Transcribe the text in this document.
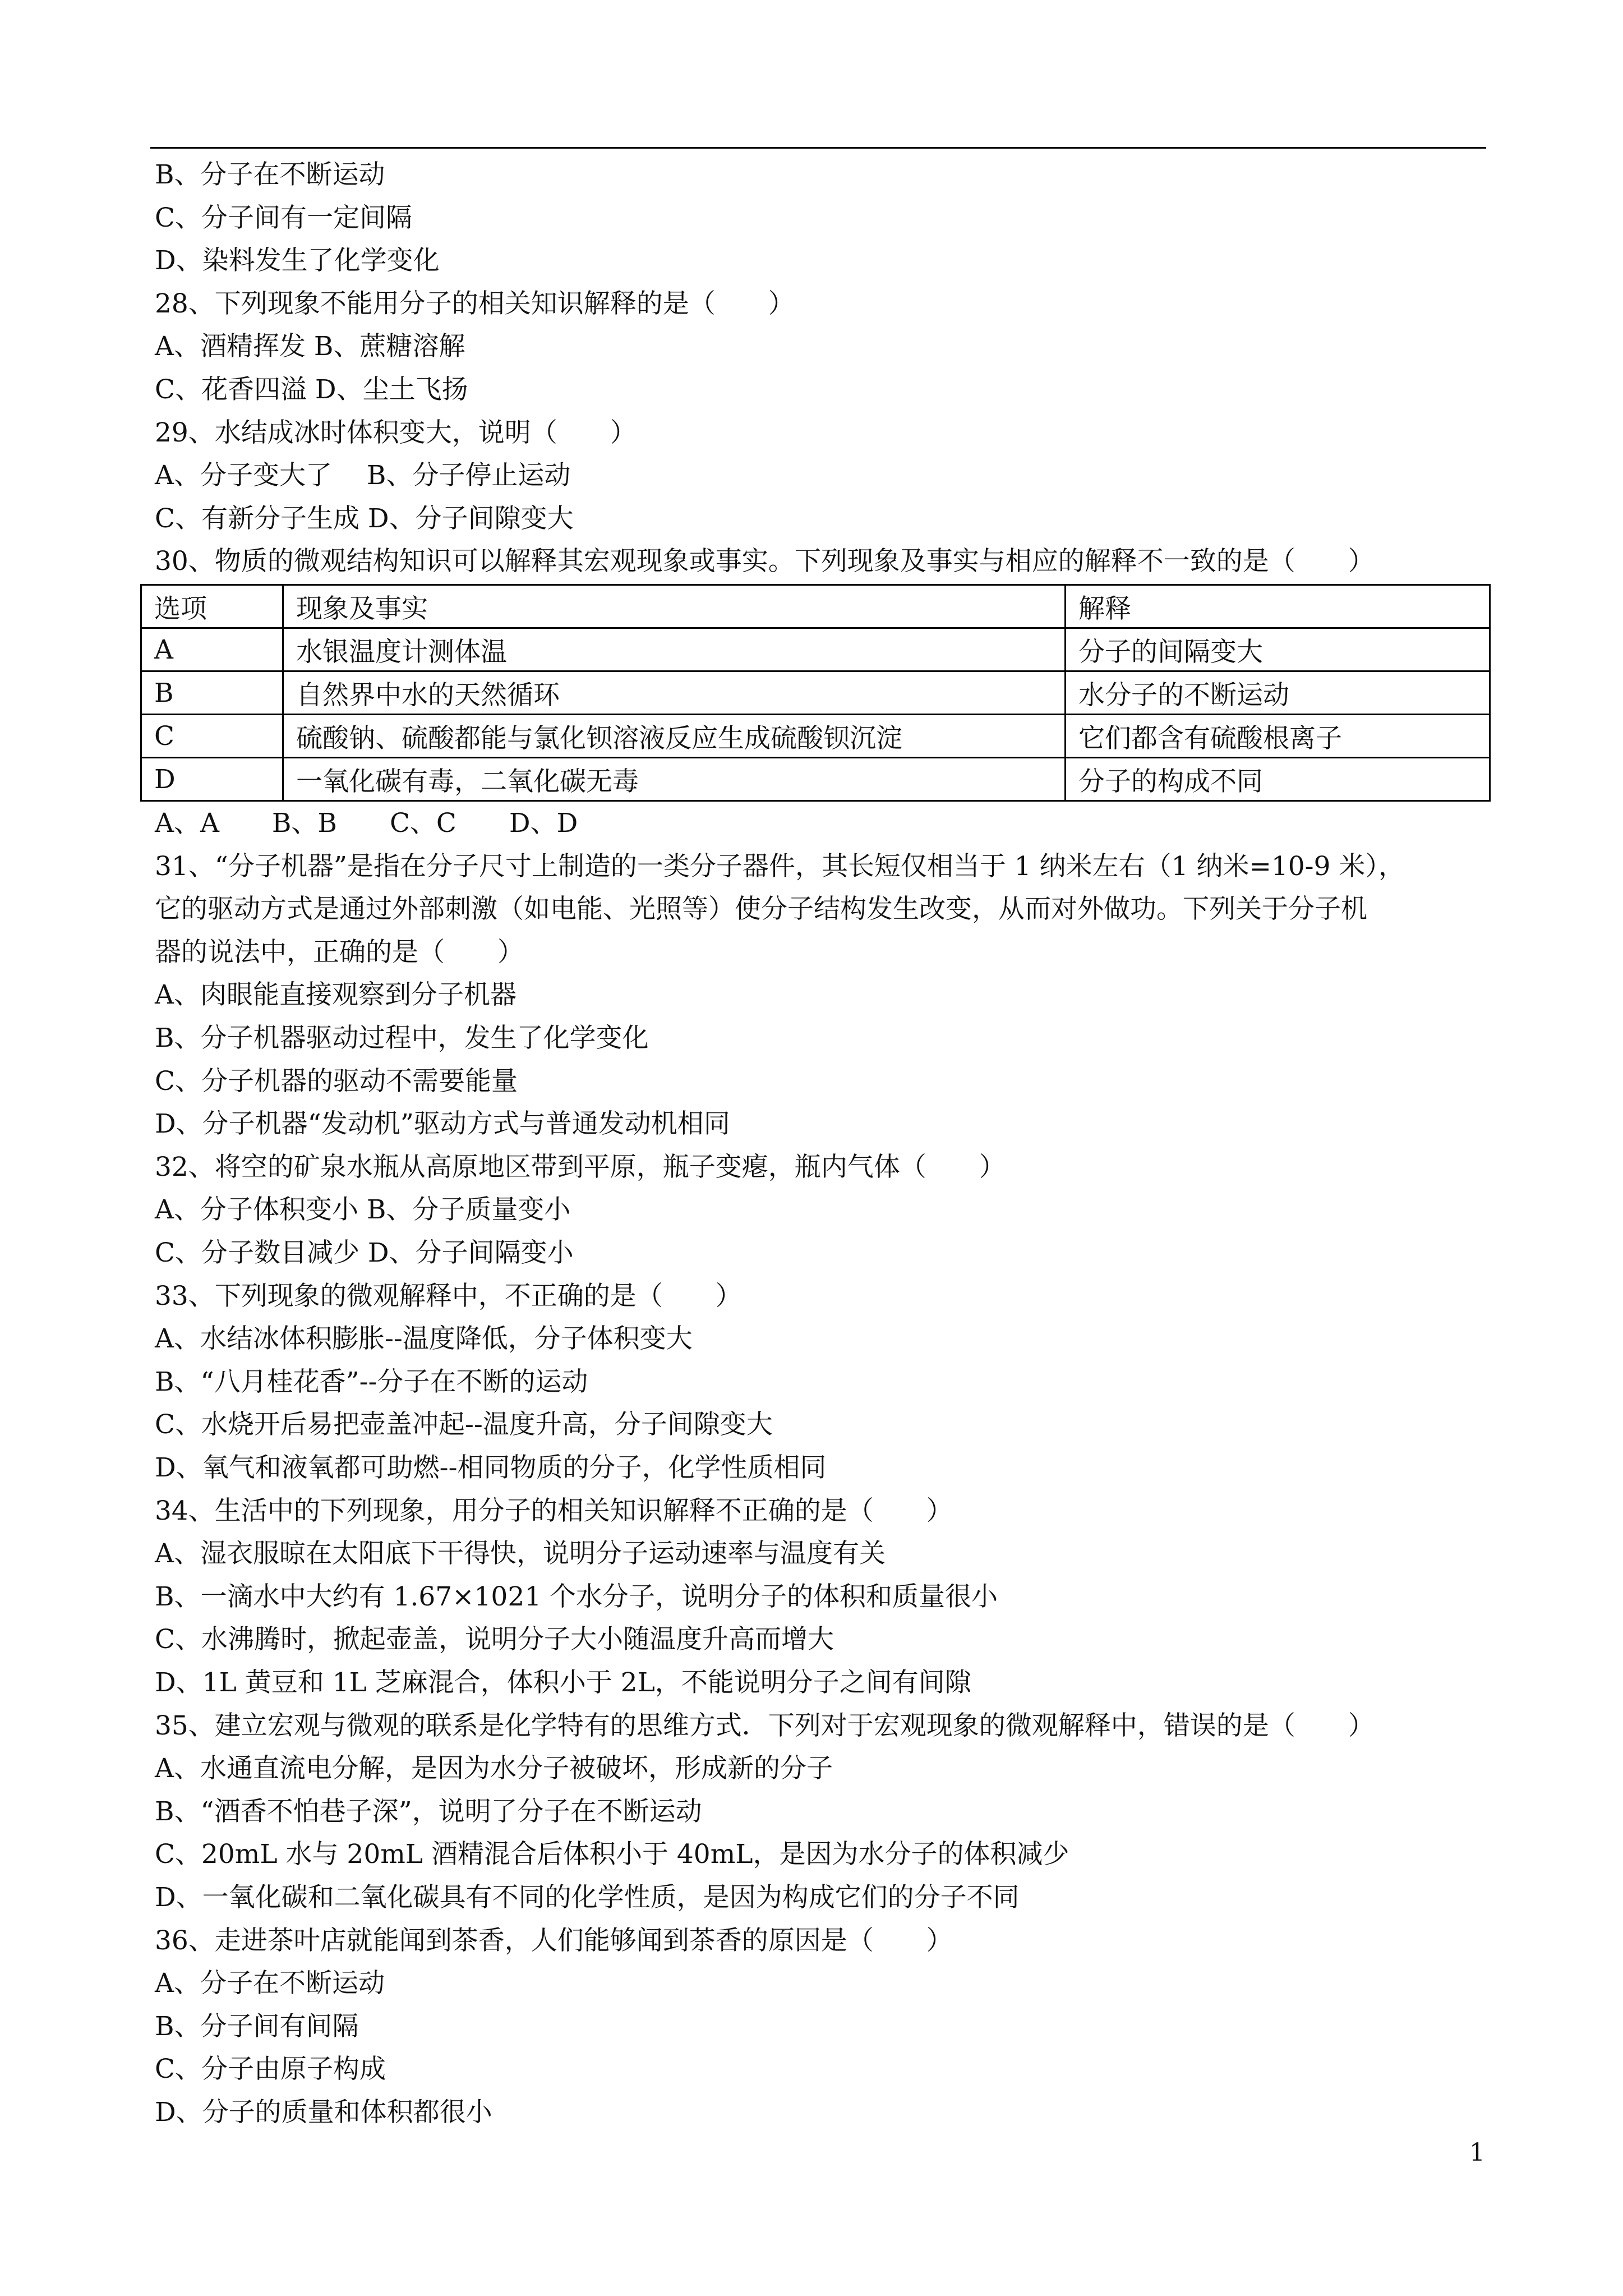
B、分子在不断运动
C、分子间有一定间隔
D、染料发生了化学变化
28、下列现象不能用分子的相关知识解释的是（　　）
A、酒精挥发 B、蔗糖溶解
C、花香四溢 D、尘土飞扬
29、水结成冰时体积变大，说明（　　）
A、分子变大了　 B、分子停止运动
C、有新分子生成 D、分子间隙变大
30、物质的微观结构知识可以解释其宏观现象或事实。下列现象及事实与相应的解释不一致的是（　　）
选项	现象及事实	解释
A	水银温度计测体温	分子的间隔变大
B	自然界中水的天然循环	水分子的不断运动
C	硫酸钠、硫酸都能与氯化钡溶液反应生成硫酸钡沉淀	它们都含有硫酸根离子
D	一氧化碳有毒，二氧化碳无毒	分子的构成不同
A、A　　B、B　　C、C　　D、D
31、“分子机器”是指在分子尺寸上制造的一类分子器件，其长短仅相当于 1 纳米左右（1 纳米=10-9 米），
它的驱动方式是通过外部刺激（如电能、光照等）使分子结构发生改变，从而对外做功。下列关于分子机
器的说法中，正确的是（　　）
A、肉眼能直接观察到分子机器
B、分子机器驱动过程中，发生了化学变化
C、分子机器的驱动不需要能量
D、分子机器“发动机”驱动方式与普通发动机相同
32、将空的矿泉水瓶从高原地区带到平原，瓶子变瘪，瓶内气体（　　）
A、分子体积变小 B、分子质量变小
C、分子数目减少 D、分子间隔变小
33、下列现象的微观解释中，不正确的是（　　）
A、水结冰体积膨胀--温度降低，分子体积变大
B、“八月桂花香”--分子在不断的运动
C、水烧开后易把壶盖冲起--温度升高，分子间隙变大
D、氧气和液氧都可助燃--相同物质的分子，化学性质相同
34、生活中的下列现象，用分子的相关知识解释不正确的是（　　）
A、湿衣服晾在太阳底下干得快，说明分子运动速率与温度有关
B、一滴水中大约有 1.67×1021 个水分子，说明分子的体积和质量很小
C、水沸腾时，掀起壶盖，说明分子大小随温度升高而增大
D、1L 黄豆和 1L 芝麻混合，体积小于 2L，不能说明分子之间有间隙
35、建立宏观与微观的联系是化学特有的思维方式．下列对于宏观现象的微观解释中，错误的是（　　）
A、水通直流电分解，是因为水分子被破坏，形成新的分子
B、“酒香不怕巷子深”，说明了分子在不断运动
C、20mL 水与 20mL 酒精混合后体积小于 40mL，是因为水分子的体积减少
D、一氧化碳和二氧化碳具有不同的化学性质，是因为构成它们的分子不同
36、走进茶叶店就能闻到茶香，人们能够闻到茶香的原因是（　　）
A、分子在不断运动
B、分子间有间隔
C、分子由原子构成
D、分子的质量和体积都很小
1
